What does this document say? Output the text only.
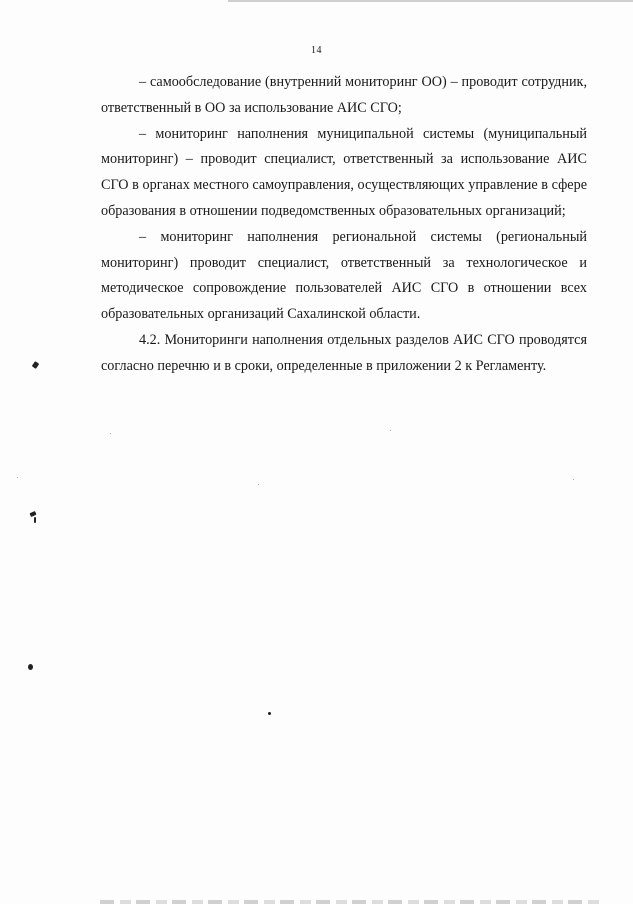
14

– самообследование (внутренний мониторинг ОО) – проводит сотрудник, ответственный в ОО за использование АИС СГО;

– мониторинг наполнения муниципальной системы (муниципальный мониторинг) – проводит специалист, ответственный за использование АИС СГО в органах местного самоуправления, осуществляющих управление в сфере образования в отношении подведомственных образовательных организаций;

– мониторинг наполнения региональной системы (региональный мониторинг) проводит специалист, ответственный за технологическое и методическое сопровождение пользователей АИС СГО в отношении всех образовательных организаций Сахалинской области.

4.2. Мониторинги наполнения отдельных разделов АИС СГО проводятся согласно перечню и в сроки, определенные в приложении 2 к Регламенту.
